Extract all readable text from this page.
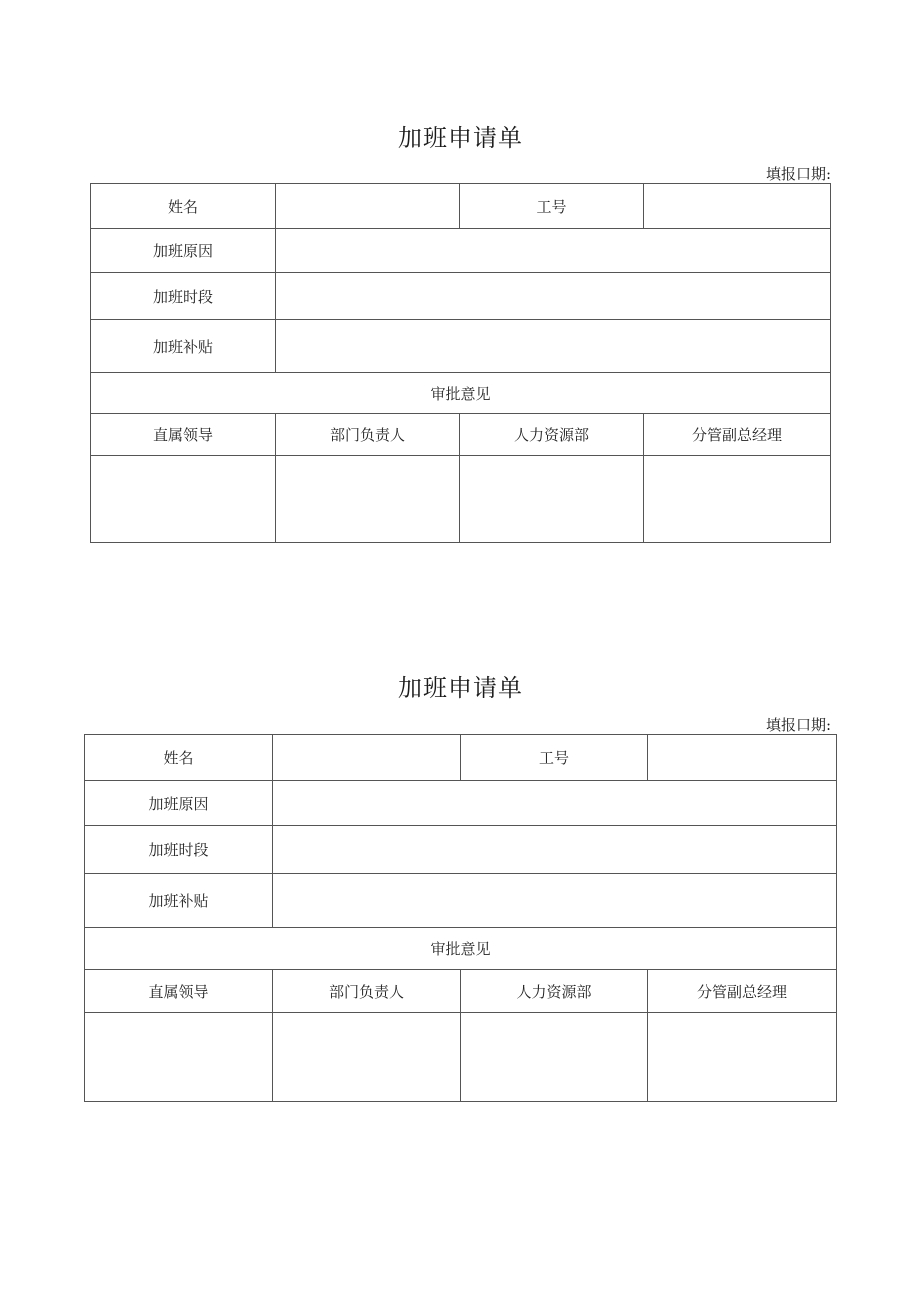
加班申请单
填报口期:
姓名		工号	
加班原因			
加班时段			
加班补贴			
审批意见			
直属领导	部门负责人	人力资源部	分管副总经理

加班申请单
填报口期:
姓名		工号	
加班原因			
加班时段			
加班补贴			
审批意见			
直属领导	部门负责人	人力资源部	分管副总经理
